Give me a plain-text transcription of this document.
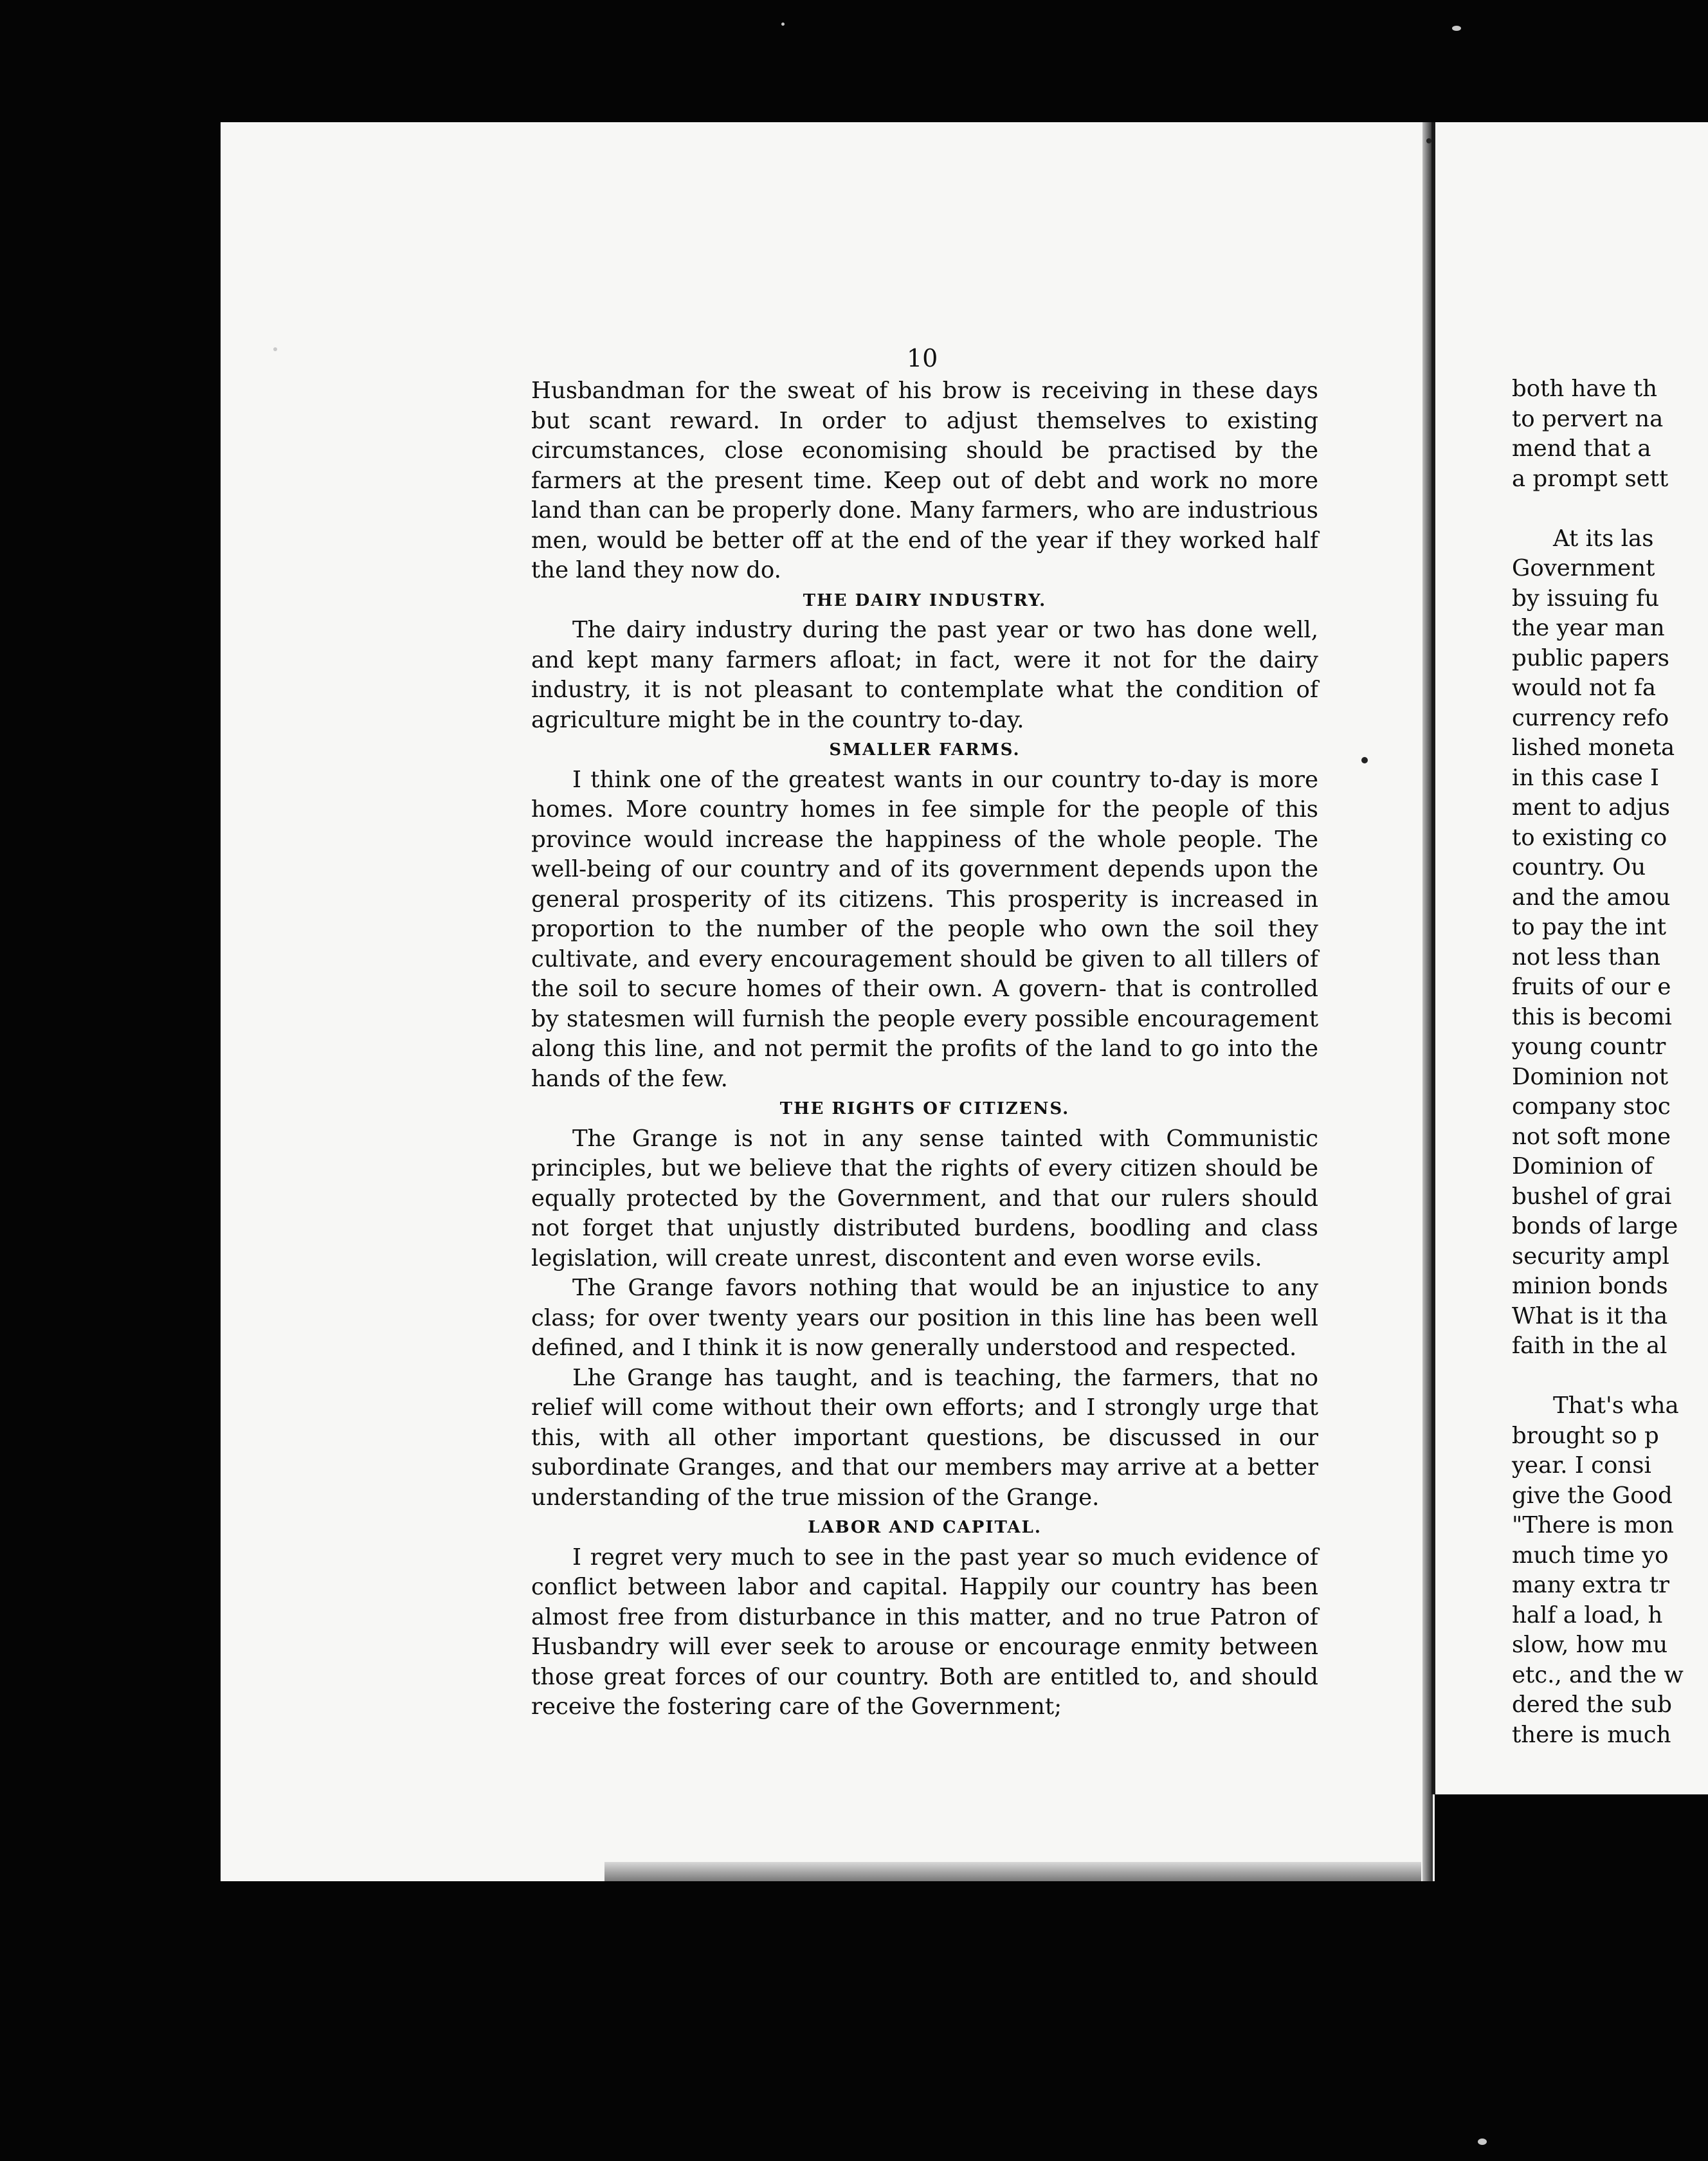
10

Husbandman for the sweat of his brow is receiving in these days but scant reward. In order to adjust themselves to existing circumstances, close economising should be practised by the farmers at the present time. Keep out of debt and work no more land than can be properly done. Many farmers, who are industrious men, would be better off at the end of the year if they worked half the land they now do.

THE DAIRY INDUSTRY.

The dairy industry during the past year or two has done well, and kept many farmers afloat; in fact, were it not for the dairy industry, it is not pleasant to contemplate what the condition of agriculture might be in the country to-day.

SMALLER FARMS.

I think one of the greatest wants in our country to-day is more homes. More country homes in fee simple for the people of this province would increase the happiness of the whole people. The well-being of our country and of its government depends upon the general prosperity of its citizens. This prosperity is increased in proportion to the number of the people who own the soil they cultivate, and every encouragement should be given to all tillers of the soil to secure homes of their own. A govern- that is controlled by statesmen will furnish the people every possible encouragement along this line, and not permit the profits of the land to go into the hands of the few.

THE RIGHTS OF CITIZENS.

The Grange is not in any sense tainted with Communistic principles, but we believe that the rights of every citizen should be equally protected by the Government, and that our rulers should not forget that unjustly distributed burdens, boodling and class legislation, will create unrest, discontent and even worse evils.

The Grange favors nothing that would be an injustice to any class; for over twenty years our position in this line has been well defined, and I think it is now generally understood and respected.

Lhe Grange has taught, and is teaching, the farmers, that no relief will come without their own efforts; and I strongly urge that this, with all other important questions, be discussed in our subordinate Granges, and that our members may arrive at a better understanding of the true mission of the Grange.

LABOR AND CAPITAL.

I regret very much to see in the past year so much evidence of conflict between labor and capital. Happily our country has been almost free from disturbance in this matter, and no true Patron of Husbandry will ever seek to arouse or encourage enmity between those great forces of our country. Both are entitled to, and should receive the fostering care of the Government;

both have th
to pervert na
mend that a
a prompt sett
At its las
Government
by issuing fu
the year man
public papers
would not fa
currency refo
lished moneta
in this case I
ment to adjus
to existing co
country. Ou
and the amou
to pay the int
not less than
fruits of our e
this is becomi
young countr
Dominion not
company stoc
not soft mone
Dominion of
bushel of grai
bonds of large
security ampl
minion bonds
What is it tha
faith in the al
That's wha
brought so p
year. I consi
give the Good
"There is mon
much time yo
many extra tr
half a load, h
slow, how mu
etc., and the w
dered the sub
there is much
